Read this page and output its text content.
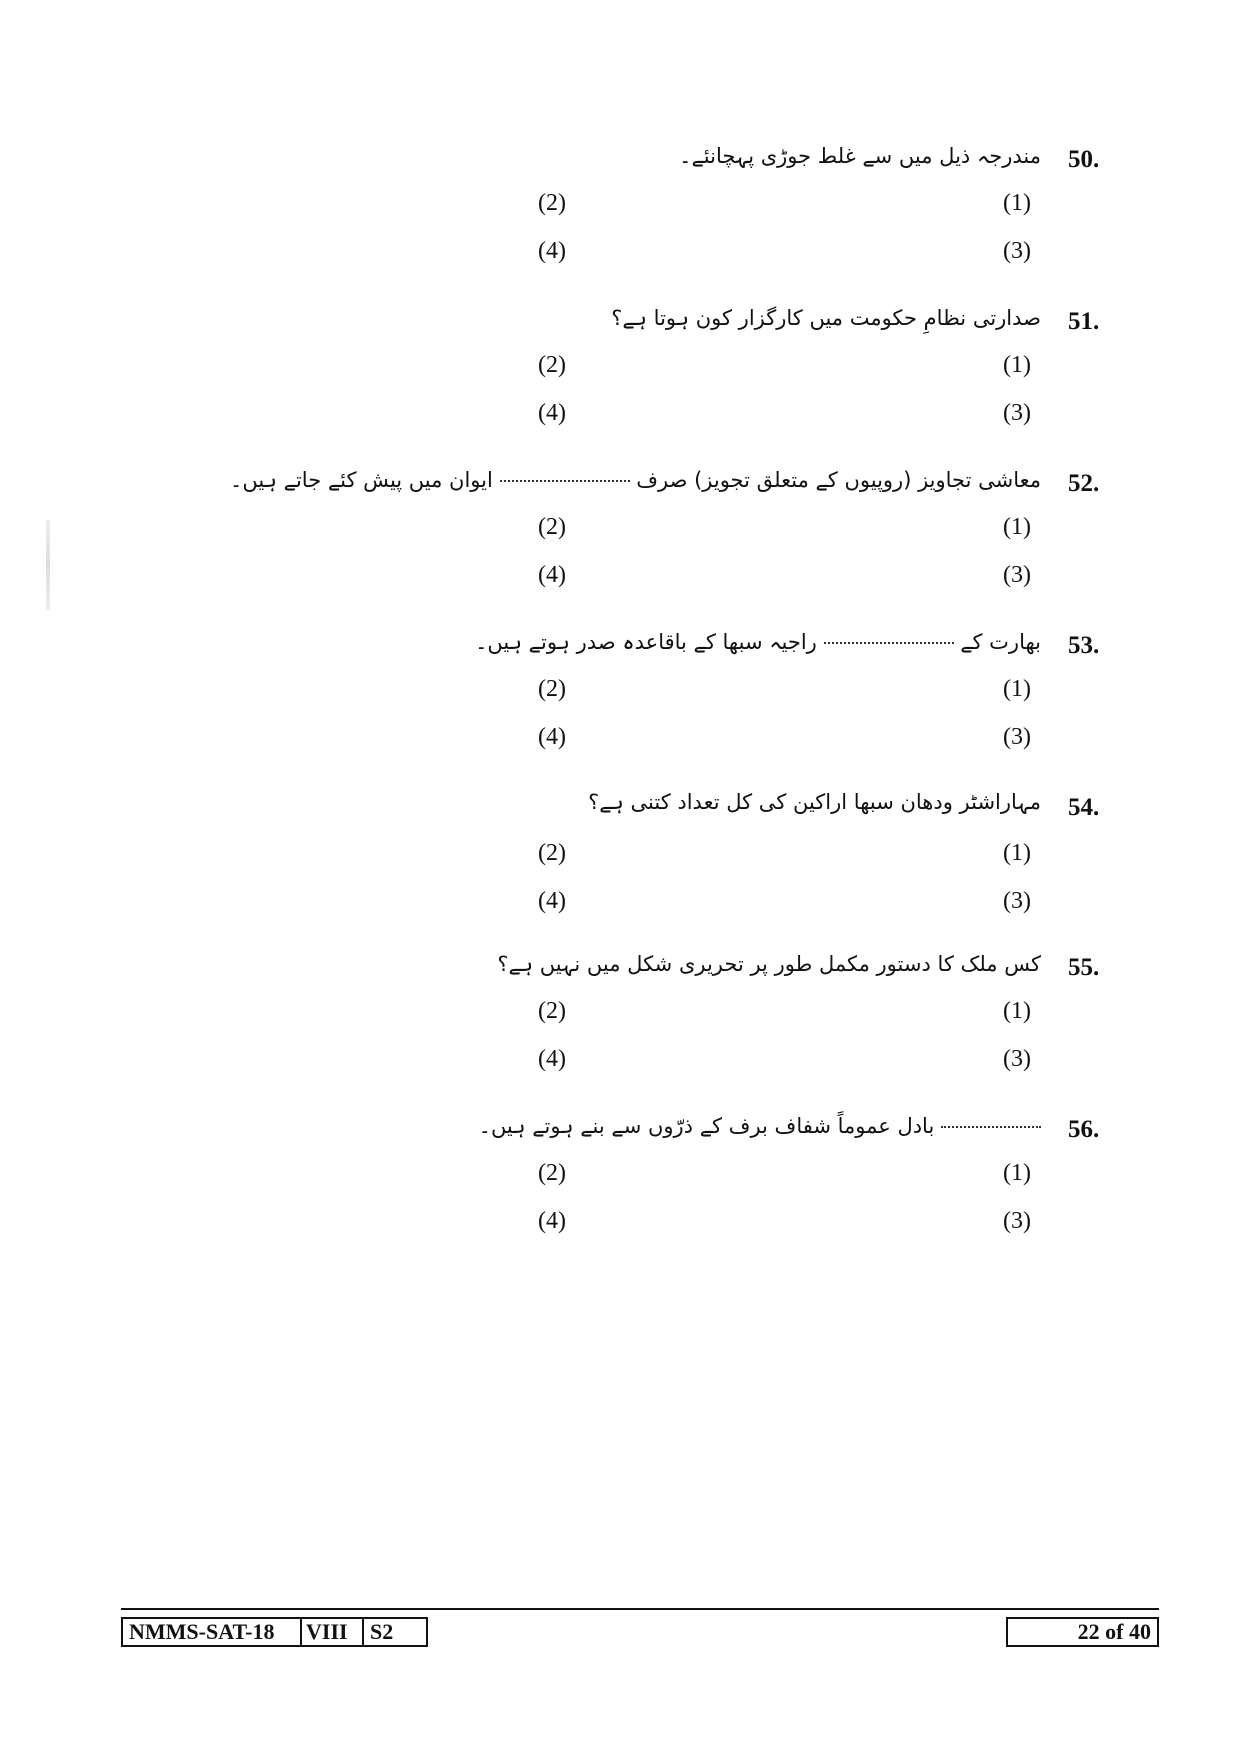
50.
مندرجہ ذیل میں سے غلط جوڑی پہچانئے۔
(1)
(2)
(3)
(4)
51.
صدارتی نظامِ حکومت میں کارگزار کون ہوتا ہے؟
(1)
(2)
(3)
(4)
52.
معاشی تجاویز (روپیوں کے متعلق تجویز) صرف  ایوان میں پیش کئے جاتے ہیں۔
(1)
(2)
(3)
(4)
53.
بھارت کے  راجیہ سبھا کے باقاعدہ صدر ہوتے ہیں۔
(1)
(2)
(3)
(4)
54.
مہاراشٹر ودھان سبھا اراکین کی کل تعداد کتنی ہے؟
(1)
(2)
(3)
(4)
55.
کس ملک کا دستور مکمل طور پر تحریری شکل میں نہیں ہے؟
(1)
(2)
(3)
(4)
56.
بادل عموماً شفاف برف کے ذرّوں سے بنے ہوتے ہیں۔
(1)
(2)
(3)
(4)
NMMS-SAT-18	VIII	S2	22 of 40
